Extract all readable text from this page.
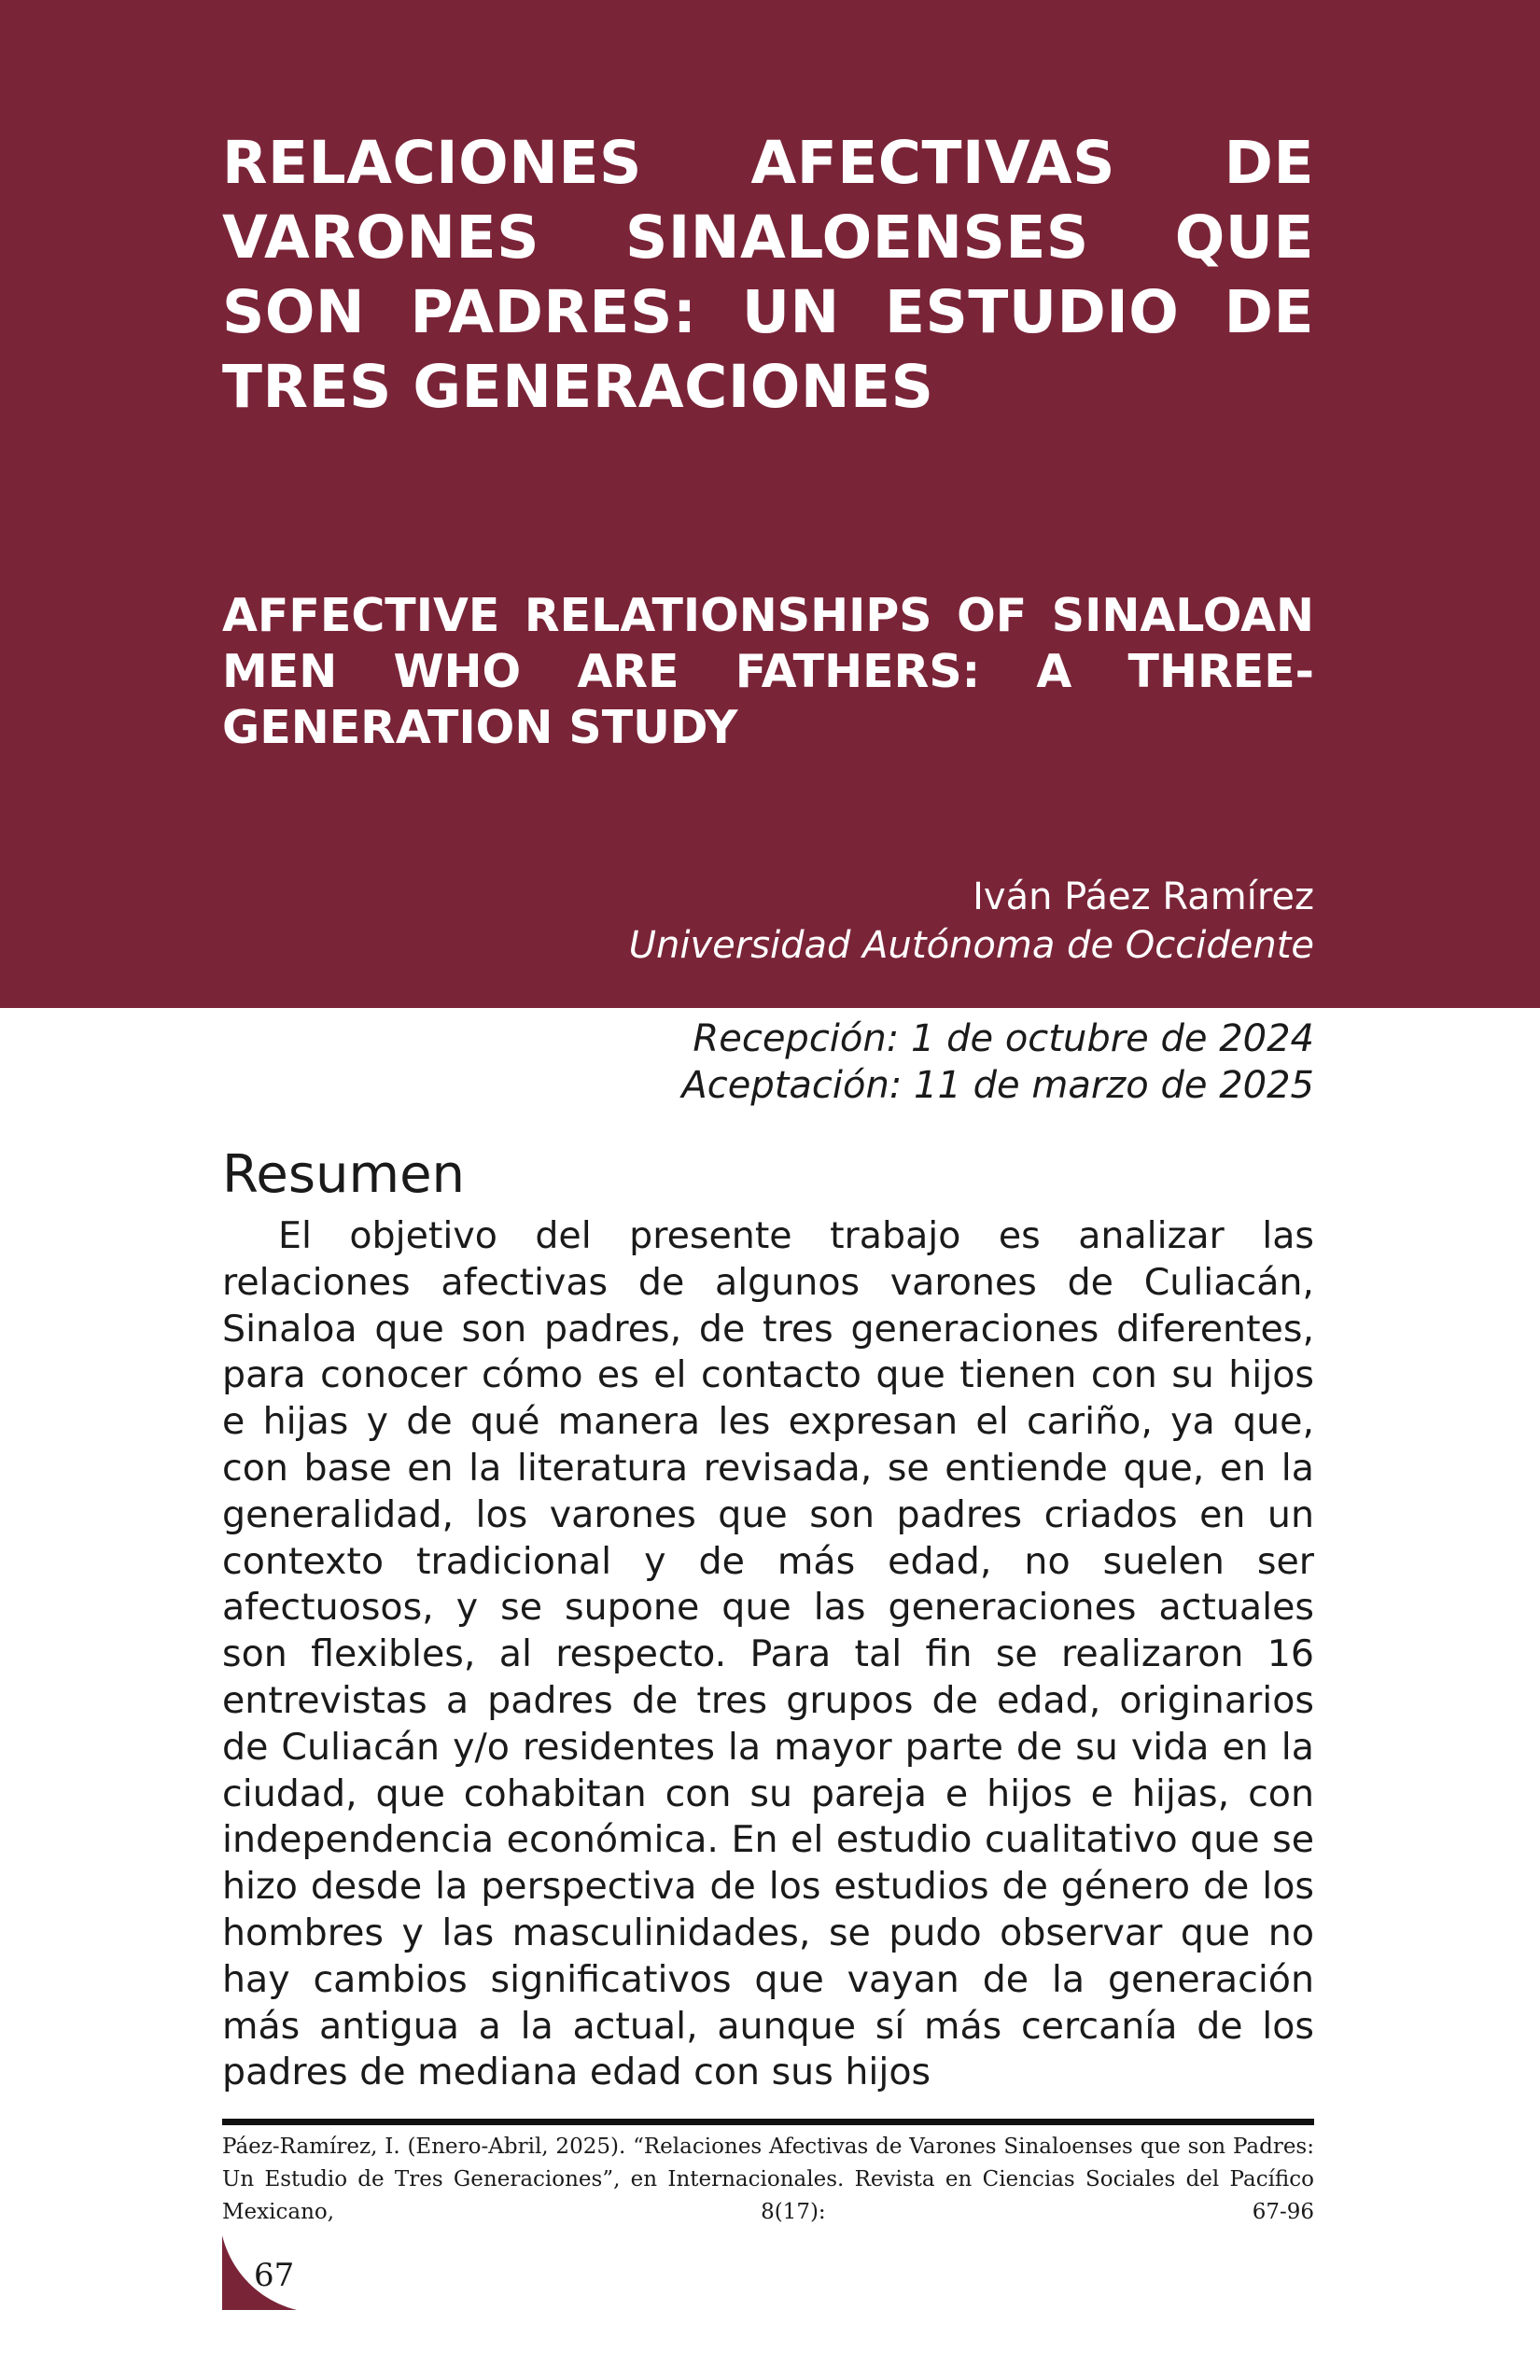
RELACIONES AFECTIVAS DE VARONES SINALOENSES QUE SON PADRES: UN ESTUDIO DE TRES GENERACIONES
AFFECTIVE RELATIONSHIPS OF SINALOAN MEN WHO ARE FATHERS: A THREE-GENERATION STUDY
Iván Páez Ramírez
Universidad Autónoma de Occidente
Recepción: 1 de octubre de 2024
Aceptación: 11 de marzo de 2025
Resumen

El objetivo del presente trabajo es analizar las relaciones afectivas de algunos varones de Culiacán, Sinaloa que son padres, de tres generaciones diferentes, para conocer cómo es el contacto que tienen con su hijos e hijas y de qué manera les expresan el cariño, ya que, con base en la literatura revisada, se entiende que, en la generalidad, los varones que son padres criados en un contexto tradicional y de más edad, no suelen ser afectuosos, y se supone que las generaciones actuales son flexibles, al respecto. Para tal fin se realizaron 16 entrevistas a padres de tres grupos de edad, originarios de Culiacán y/o residentes la mayor parte de su vida en la ciudad, que cohabitan con su pareja e hijos e hijas, con independencia económica. En el estudio cualitativo que se hizo desde la perspectiva de los estudios de género de los hombres y las masculinidades, se pudo observar que no hay cambios significativos que vayan de la generación más antigua a la actual, aunque sí más cercanía de los padres de mediana edad con sus hijos

Páez-Ramírez, I. (Enero-Abril, 2025). “Relaciones Afectivas de Varones Sinaloenses que son Padres: Un Estudio de Tres Generaciones”, en Internacionales. Revista en Ciencias Sociales del Pacífico Mexicano, 8(17): 67-96

67
